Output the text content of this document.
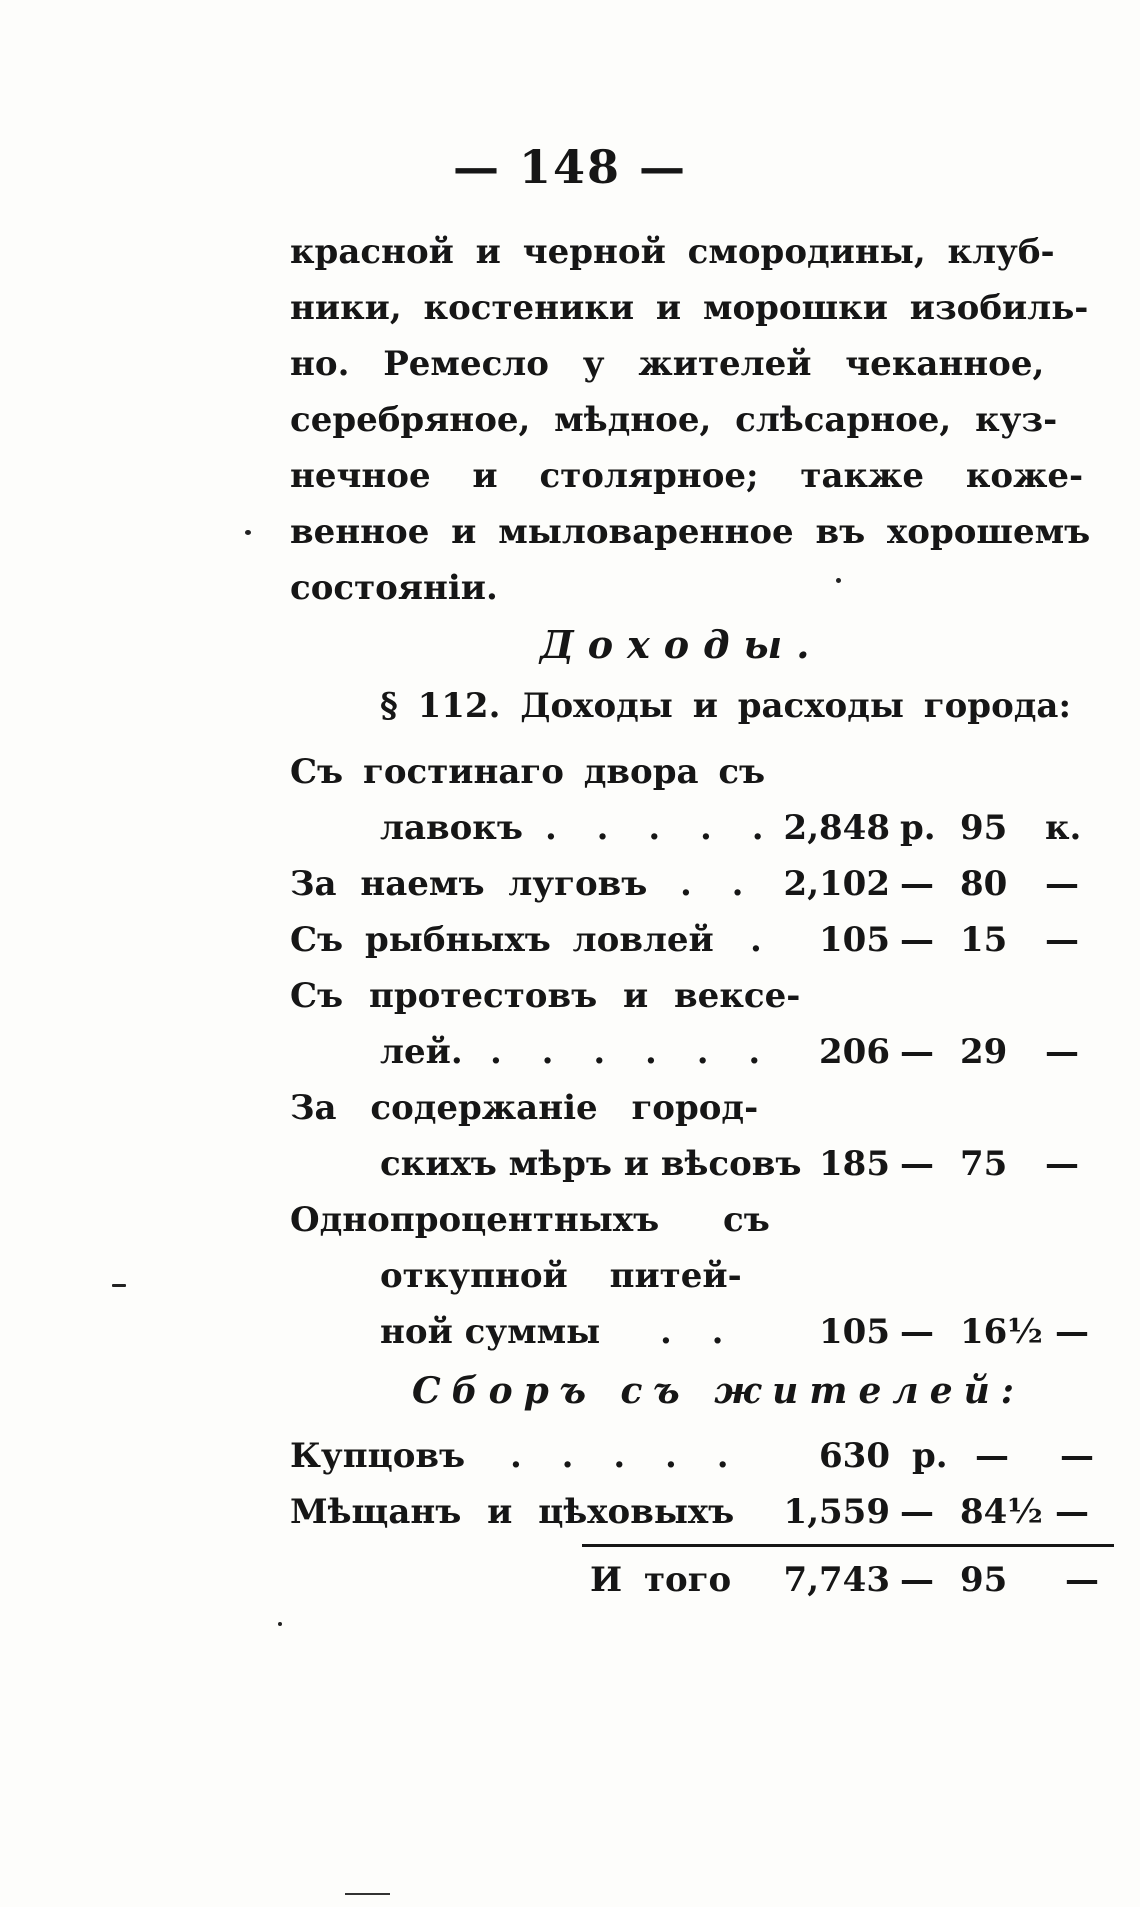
— 148 —
красной и черной смородины, клуб-
ники, костеники и морошки изобиль-
но. Ремесло у жителей чеканное,
серебряное, мѣдное, слѣсарное, куз-
нечное и столярное; также коже-
венное и мыловаренное въ хорошемъ
состояніи.
Доходы.
§ 112. Доходы и расходы города:
Съ гостинаго двора съ
лавокъ . . . . . 2,848 р. 95 к.
За наемъ луговъ . . 2,102 — 80 —
Съ рыбныхъ ловлей .	105 — 15 —
Съ протестовъ и вексе-
лей. . . . . . .	206 — 29 —
За содержаніе город-
скихъ мѣръ и вѣсовъ 185 — 75 —
Однопроцентныхъ съ
откупной питей-
ной суммы . .	105 — 16½ —
Сборъ съ жителей:
Купцовъ . . . . .	630 р. — —
Мѣщанъ и цѣховыхъ	1,559 — 84½ —
И того	7,743 — 95 —
